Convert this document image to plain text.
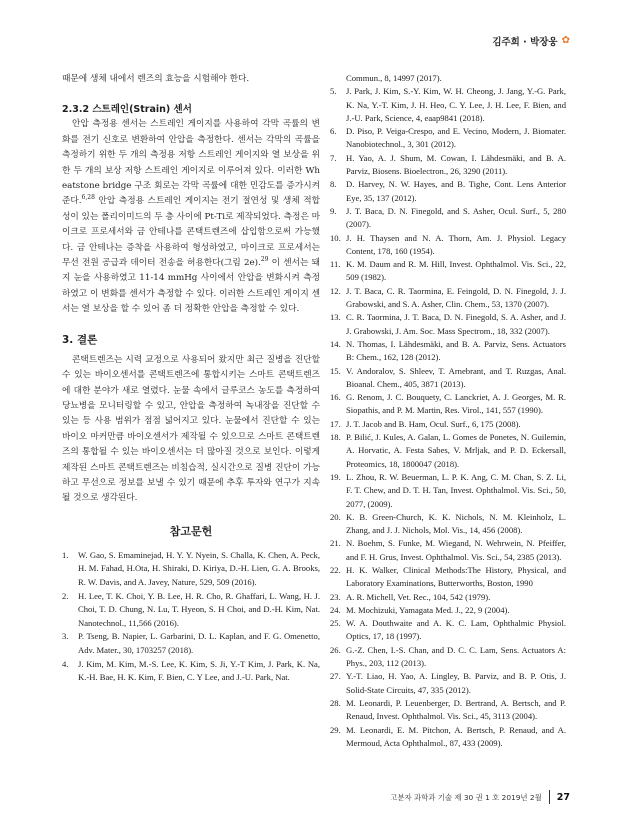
김주희 · 박장웅 ✿

때문에 생체 내에서 렌즈의 효능을 시험해야 한다.

2.3.2 스트레인(Strain) 센서

안압 측정용 센서는 스트레인 게이지를 사용하여 각막 곡률의 변화를 전기 신호로 변환하여 안압을 측정한다. 센서는 각막의 곡률을 측정하기 위한 두 개의 측정용 저항 스트레인 게이지와 열 보상을 위한 두 개의 보상 저항 스트레인 게이지로 이루어져 있다. 이러한 Wheatstone bridge 구조 회로는 각막 곡률에 대한 민감도를 증가시켜준다.$^{6,28}$ 안압 측정용 스트레인 게이지는 전기 절연성 및 생체 적합성이 있는 폴리이미드의 두 층 사이에 Pt-Ti로 제작되었다. 측정은 마이크로 프로세서와 금 안테나를 콘택트렌즈에 삽입함으로써 가능했다. 금 안테나는 증착을 사용하여 형성하였고, 마이크로 프로세서는 무선 전원 공급과 데이터 전송을 허용한다(그림 2e).$^{29}$ 이 센서는 돼지 눈을 사용하였고 11-14 mmHg 사이에서 안압을 변화시켜 측정하였고 이 변화를 센서가 측정할 수 있다. 이러한 스트레인 게이지 센서는 열 보상을 할 수 있어 좀 더 정확한 안압을 측정할 수 있다.

3. 결론

콘택트렌즈는 시력 교정으로 사용되어 왔지만 최근 질병을 진단할 수 있는 바이오센서를 콘택트렌즈에 통합시키는 스마트 콘택트렌즈에 대한 분야가 새로 열렸다. 눈물 속에서 글루코스 농도를 측정하여 당뇨병을 모니터링할 수 있고, 안압을 측정하여 녹내장을 진단할 수 있는 등 사용 범위가 점점 넓어지고 있다. 눈물에서 진단할 수 있는 바이오 마커만큼 바이오센서가 제작될 수 있으므로 스마트 콘택트렌즈의 통합될 수 있는 바이오센서는 더 많아질 것으로 보인다. 이렇게 제작된 스마트 콘택트렌즈는 비침습적, 실시간으로 질병 진단이 가능하고 무선으로 정보를 보낼 수 있기 때문에 추후 투자와 연구가 지속될 것으로 생각된다.

참고문헌
1. W. Gao, S. Emaminejad, H. Y. Y. Nyein, S. Challa, K. Chen, A. Peck, H. M. Fahad, H.Ota, H. Shiraki, D. Kiriya, D.-H. Lien, G. A. Brooks, R. W. Davis, and A. Javey, Nature, 529, 509 (2016).
2. H. Lee, T. K. Choi, Y. B. Lee, H. R. Cho, R. Ghaffari, L. Wang, H. J. Choi, T. D. Chung, N. Lu, T. Hyeon, S. H Choi, and D.-H. Kim, Nat. Nanotechnol., 11,566 (2016).
3. P. Tseng, B. Napier, L. Garbarini, D. L. Kaplan, and F. G. Omenetto, Adv. Mater., 30, 1703257 (2018).
4. J. Kim, M. Kim, M.-S. Lee, K. Kim, S. Ji, Y.-T Kim, J. Park, K. Na, K.-H. Bae, H. K. Kim, F. Bien, C. Y Lee, and J.-U. Park, Nat.
Commun., 8, 14997 (2017).
5. J. Park, J. Kim, S.-Y. Kim, W. H. Cheong, J. Jang, Y.-G. Park, K. Na, Y.-T. Kim, J. H. Heo, C. Y. Lee, J. H. Lee, F. Bien, and J.-U. Park, Science, 4, eaap9841 (2018).
6. D. Piso, P. Veiga-Crespo, and E. Vecino, Modern, J. Biomater. Nanobiotechnol., 3, 301 (2012).
7. H. Yao, A. J. Shum, M. Cowan, I. Lähdesmäki, and B. A. Parviz, Biosens. Bioelectron., 26, 3290 (2011).
8. D. Harvey, N. W. Hayes, and B. Tighe, Cont. Lens Anterior Eye, 35, 137 (2012).
9. J. T. Baca, D. N. Finegold, and S. Asher, Ocul. Surf., 5, 280 (2007).
10. J. H. Thaysen and N. A. Thorn, Am. J. Physiol. Legacy Content, 178, 160 (1954).
11. K. M. Daum and R. M. Hill, Invest. Ophthalmol. Vis. Sci., 22, 509 (1982).
12. J. T. Baca, C. R. Taormina, E. Feingold, D. N. Finegold, J. J. Grabowski, and S. A. Asher, Clin. Chem., 53, 1370 (2007).
13. C. R. Taormina, J. T. Baca, D. N. Finegold, S. A. Asher, and J. J. Grabowski, J. Am. Soc. Mass Spectrom., 18, 332 (2007).
14. N. Thomas, I. Lähdesmäki, and B. A. Parviz, Sens. Actuators B: Chem., 162, 128 (2012).
15. V. Andoralov, S. Shleev, T. Arnebrant, and T. Ruzgas, Anal. Bioanal. Chem., 405, 3871 (2013).
16. G. Renom, J. C. Bouquety, C. Lanckriet, A. J. Georges, M. R. Siopathis, and P. M. Martin, Res. Virol., 141, 557 (1990).
17. J. T. Jacob and B. Ham, Ocul. Surf., 6, 175 (2008).
18. P. Bilić, J. Kules, A. Galan, L. Gomes de Ponetes, N. Guilemin, A. Horvatic, A. Festa Sabes, V. Mrljak, and P. D. Eckersall, Proteomics, 18, 1800047 (2018).
19. L. Zhou, R. W. Beuerman, L. P. K. Ang, C. M. Chan, S. Z. Li, F. T. Chew, and D. T. H. Tan, Invest. Ophthalmol. Vis. Sci., 50, 2077, (2009).
20. K. B. Green-Church, K. K. Nichols, N. M. Kleinholz, L. Zhang, and J. J. Nichols, Mol. Vis., 14, 456 (2008).
21. N. Boehm, S. Funke, M. Wiegand, N. Wehrwein, N. Pfeiffer, and F. H. Grus, Invest. Ophthalmol. Vis. Sci., 54, 2385 (2013).
22. H. K. Walker, Clinical Methods:The History, Physical, and Laboratory Examinations, Butterworths, Boston, 1990
23. A. R. Michell, Vet. Rec., 104, 542 (1979).
24. M. Mochizuki, Yamagata Med. J., 22, 9 (2004).
25. W. A. Douthwaite and A. K. C. Lam, Ophthalmic Physiol. Optics, 17, 18 (1997).
26. G.-Z. Chen, I.-S. Chan, and D. C. C. Lam, Sens. Actuators A: Phys., 203, 112 (2013).
27. Y.-T. Liao, H. Yao, A. Lingley, B. Parviz, and B. P. Otis, J. Solid-State Circuits, 47, 335 (2012).
28. M. Leonardi, P. Leuenberger, D. Bertrand, A. Bertsch, and P. Renaud, Invest. Ophthalmol. Vis. Sci., 45, 3113 (2004).
29. M. Leonardi, E. M. Pitchon, A. Bertsch, P. Renaud, and A. Mermoud, Acta Ophthalmol., 87, 433 (2009).
고분자 과학과 기술 제 30 권 1 호 2019년 2월 27
